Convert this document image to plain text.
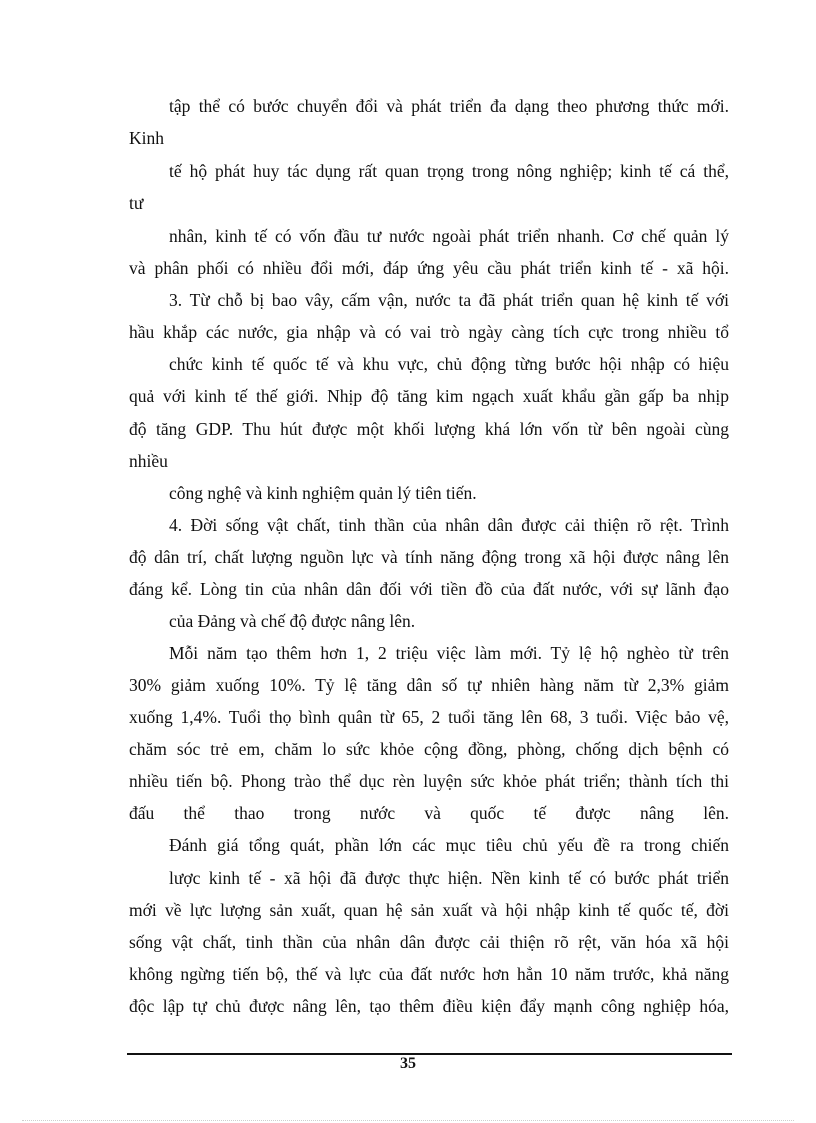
tập thể có bước chuyển đổi và phát triển đa dạng theo phương thức mới.
Kinh
tế hộ phát huy tác dụng rất quan trọng trong nông nghiệp; kinh tế cá thể,
tư
nhân, kinh tế có vốn đầu tư nước ngoài phát triển nhanh. Cơ chế quản lý
và phân phối có nhiều đổi mới, đáp ứng yêu cầu phát triển kinh tế - xã hội.
3. Từ chỗ bị bao vây, cấm vận, nước ta đã phát triển quan hệ kinh tế với
hầu khắp các nước, gia nhập và có vai trò ngày càng tích cực trong nhiều tổ
chức kinh tế quốc tế và khu vực, chủ động từng bước hội nhập có hiệu
quả với kinh tế thế giới. Nhịp độ tăng kim ngạch xuất khẩu gần gấp ba nhịp
độ tăng GDP. Thu hút được một khối lượng khá lớn vốn từ bên ngoài cùng
nhiều
công nghệ và kinh nghiệm quản lý tiên tiến.
4. Đời sống vật chất, tinh thần của nhân dân được cải thiện rõ rệt. Trình
độ dân trí, chất lượng nguồn lực và tính năng động trong xã hội được nâng lên
đáng kể. Lòng tin của nhân dân đối với tiền đồ của đất nước, với sự lãnh đạo
của Đảng và chế độ được nâng lên.
Mỗi năm tạo thêm hơn 1, 2 triệu việc làm mới. Tỷ lệ hộ nghèo từ trên
30% giảm xuống 10%. Tỷ lệ tăng dân số tự nhiên hàng năm từ 2,3% giảm
xuống 1,4%. Tuổi thọ bình quân từ 65, 2 tuổi tăng lên 68, 3 tuổi. Việc bảo vệ,
chăm sóc trẻ em, chăm lo sức khỏe cộng đồng, phòng, chống dịch bệnh có
nhiều tiến bộ. Phong trào thể dục rèn luyện sức khỏe phát triển; thành tích thi
đấu thể thao trong nước và quốc tế được nâng lên.
Đánh giá tổng quát, phần lớn các mục tiêu chủ yếu đề ra trong chiến
lược kinh tế - xã hội đã được thực hiện. Nền kinh tế có bước phát triển
mới về lực lượng sản xuất, quan hệ sản xuất và hội nhập kinh tế quốc tế, đời
sống vật chất, tinh thần của nhân dân được cải thiện rõ rệt, văn hóa xã hội
không ngừng tiến bộ, thế và lực của đất nước hơn hẳn 10 năm trước, khả năng
độc lập tự chủ được nâng lên, tạo thêm điều kiện đẩy mạnh công nghiệp hóa,
35
